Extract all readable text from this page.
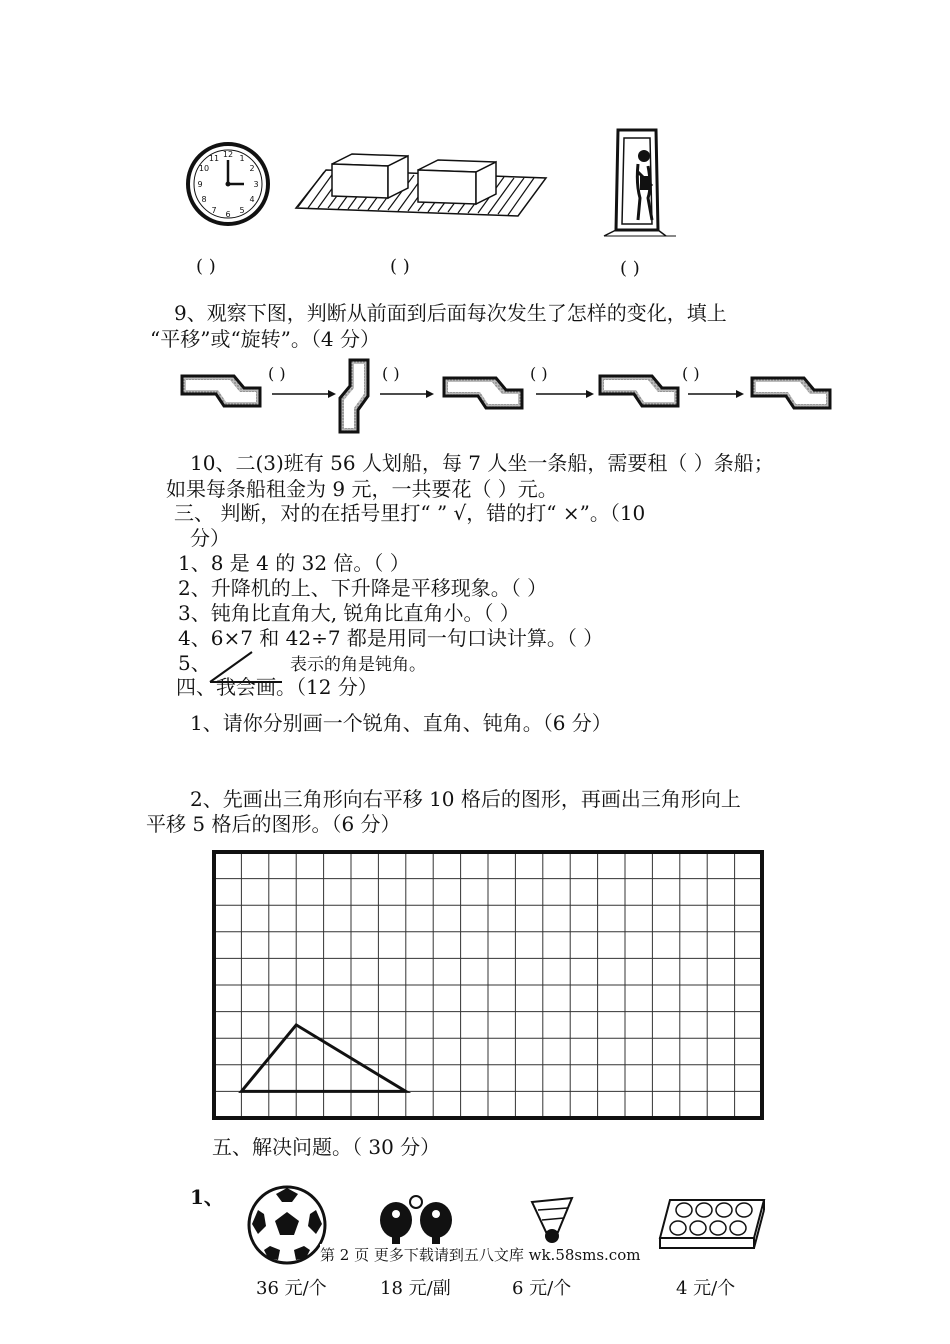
12 1
2
3
4
5
6
7
8
9
10
11
( )	( )	( )
9、观察下图，判断从前面到后面每次发生了怎样的变化，填上
“平移”或“旋转”。（4 分）
( )	( )	( )	( )
10、二(3)班有 56 人划船，每 7 人坐一条船，需要租（ ）条船；
如果每条船租金为 9 元，一共要花（ ）元。
三、 判断，对的在括号里打“ ” √，错的打“ ×”。（10
分）
1、8 是 4 的 32 倍。（ ）
2、升降机的上、下升降是平移现象。（ ）
3、钝角比直角大, 锐角比直角小。（ ）
4、6×7 和 42÷7 都是用同一句口诀计算。（ ）
5、	表示的角是钝角。
四、我会画。（12 分）
1、请你分别画一个锐角、直角、钝角。（6 分）
2、先画出三角形向右平移 10 格后的图形，再画出三角形向上
平移 5 格后的图形。（6 分）
五、解决问题。（ 30 分）
1、
第 2 页 更多下载请到五八文库 wk.58sms.com
36 元/个	18 元/副	6 元/个	4 元/个
